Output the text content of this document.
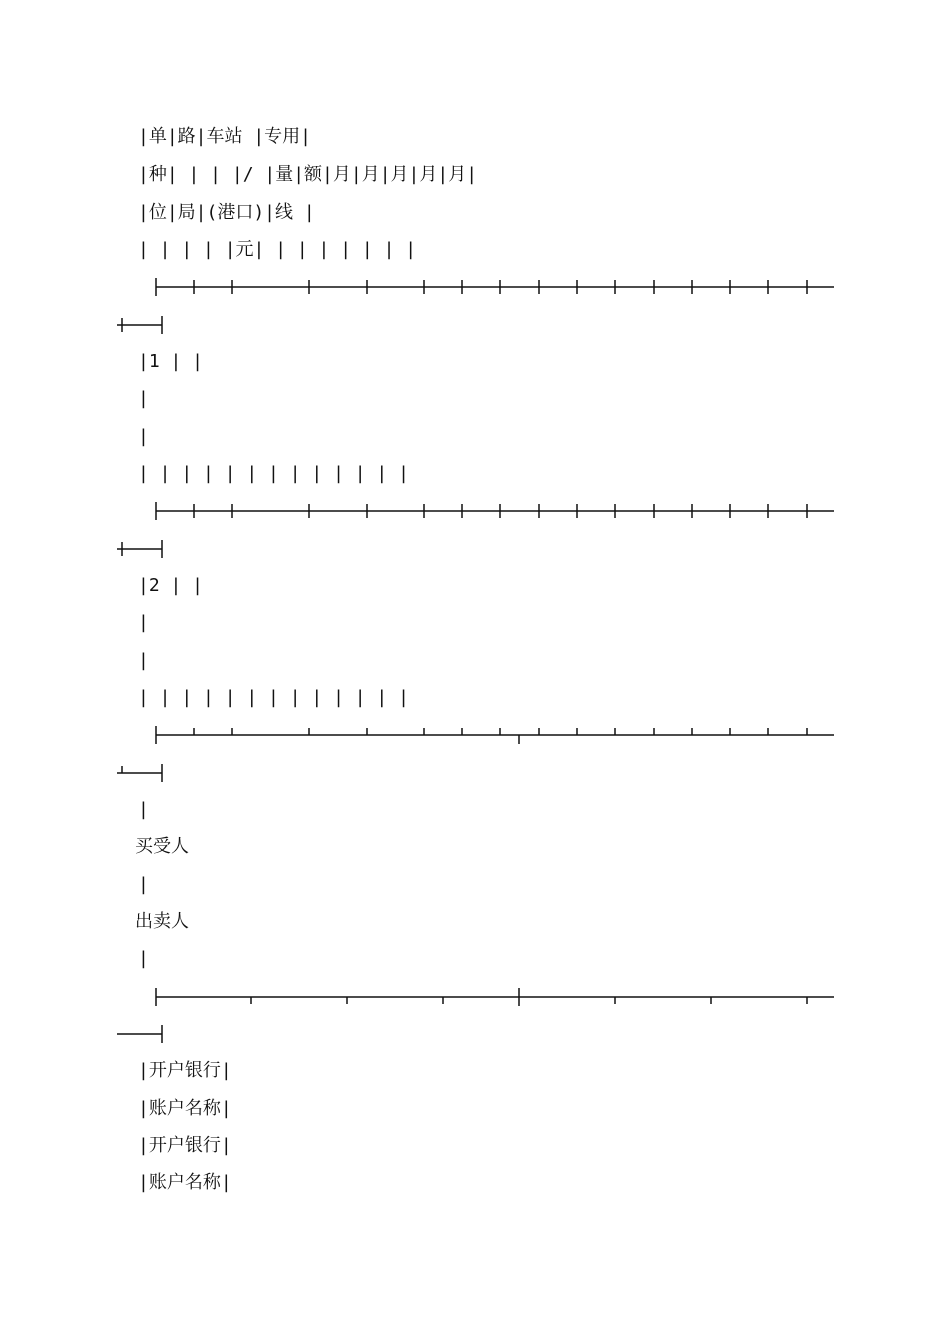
|单|路|车站 |专用|
|种| | | |/ |量|额|月|月|月|月|月|
|位|局|(港口)|线 |
| | | | |元| | | | | | | |
|1 | |
|
|
| | | | | | | | | | | | |
|2 | |
|
|
| | | | | | | | | | | | |
|
买受人
|
出卖人
|
|开户银行|
|账户名称|
|开户银行|
|账户名称|
